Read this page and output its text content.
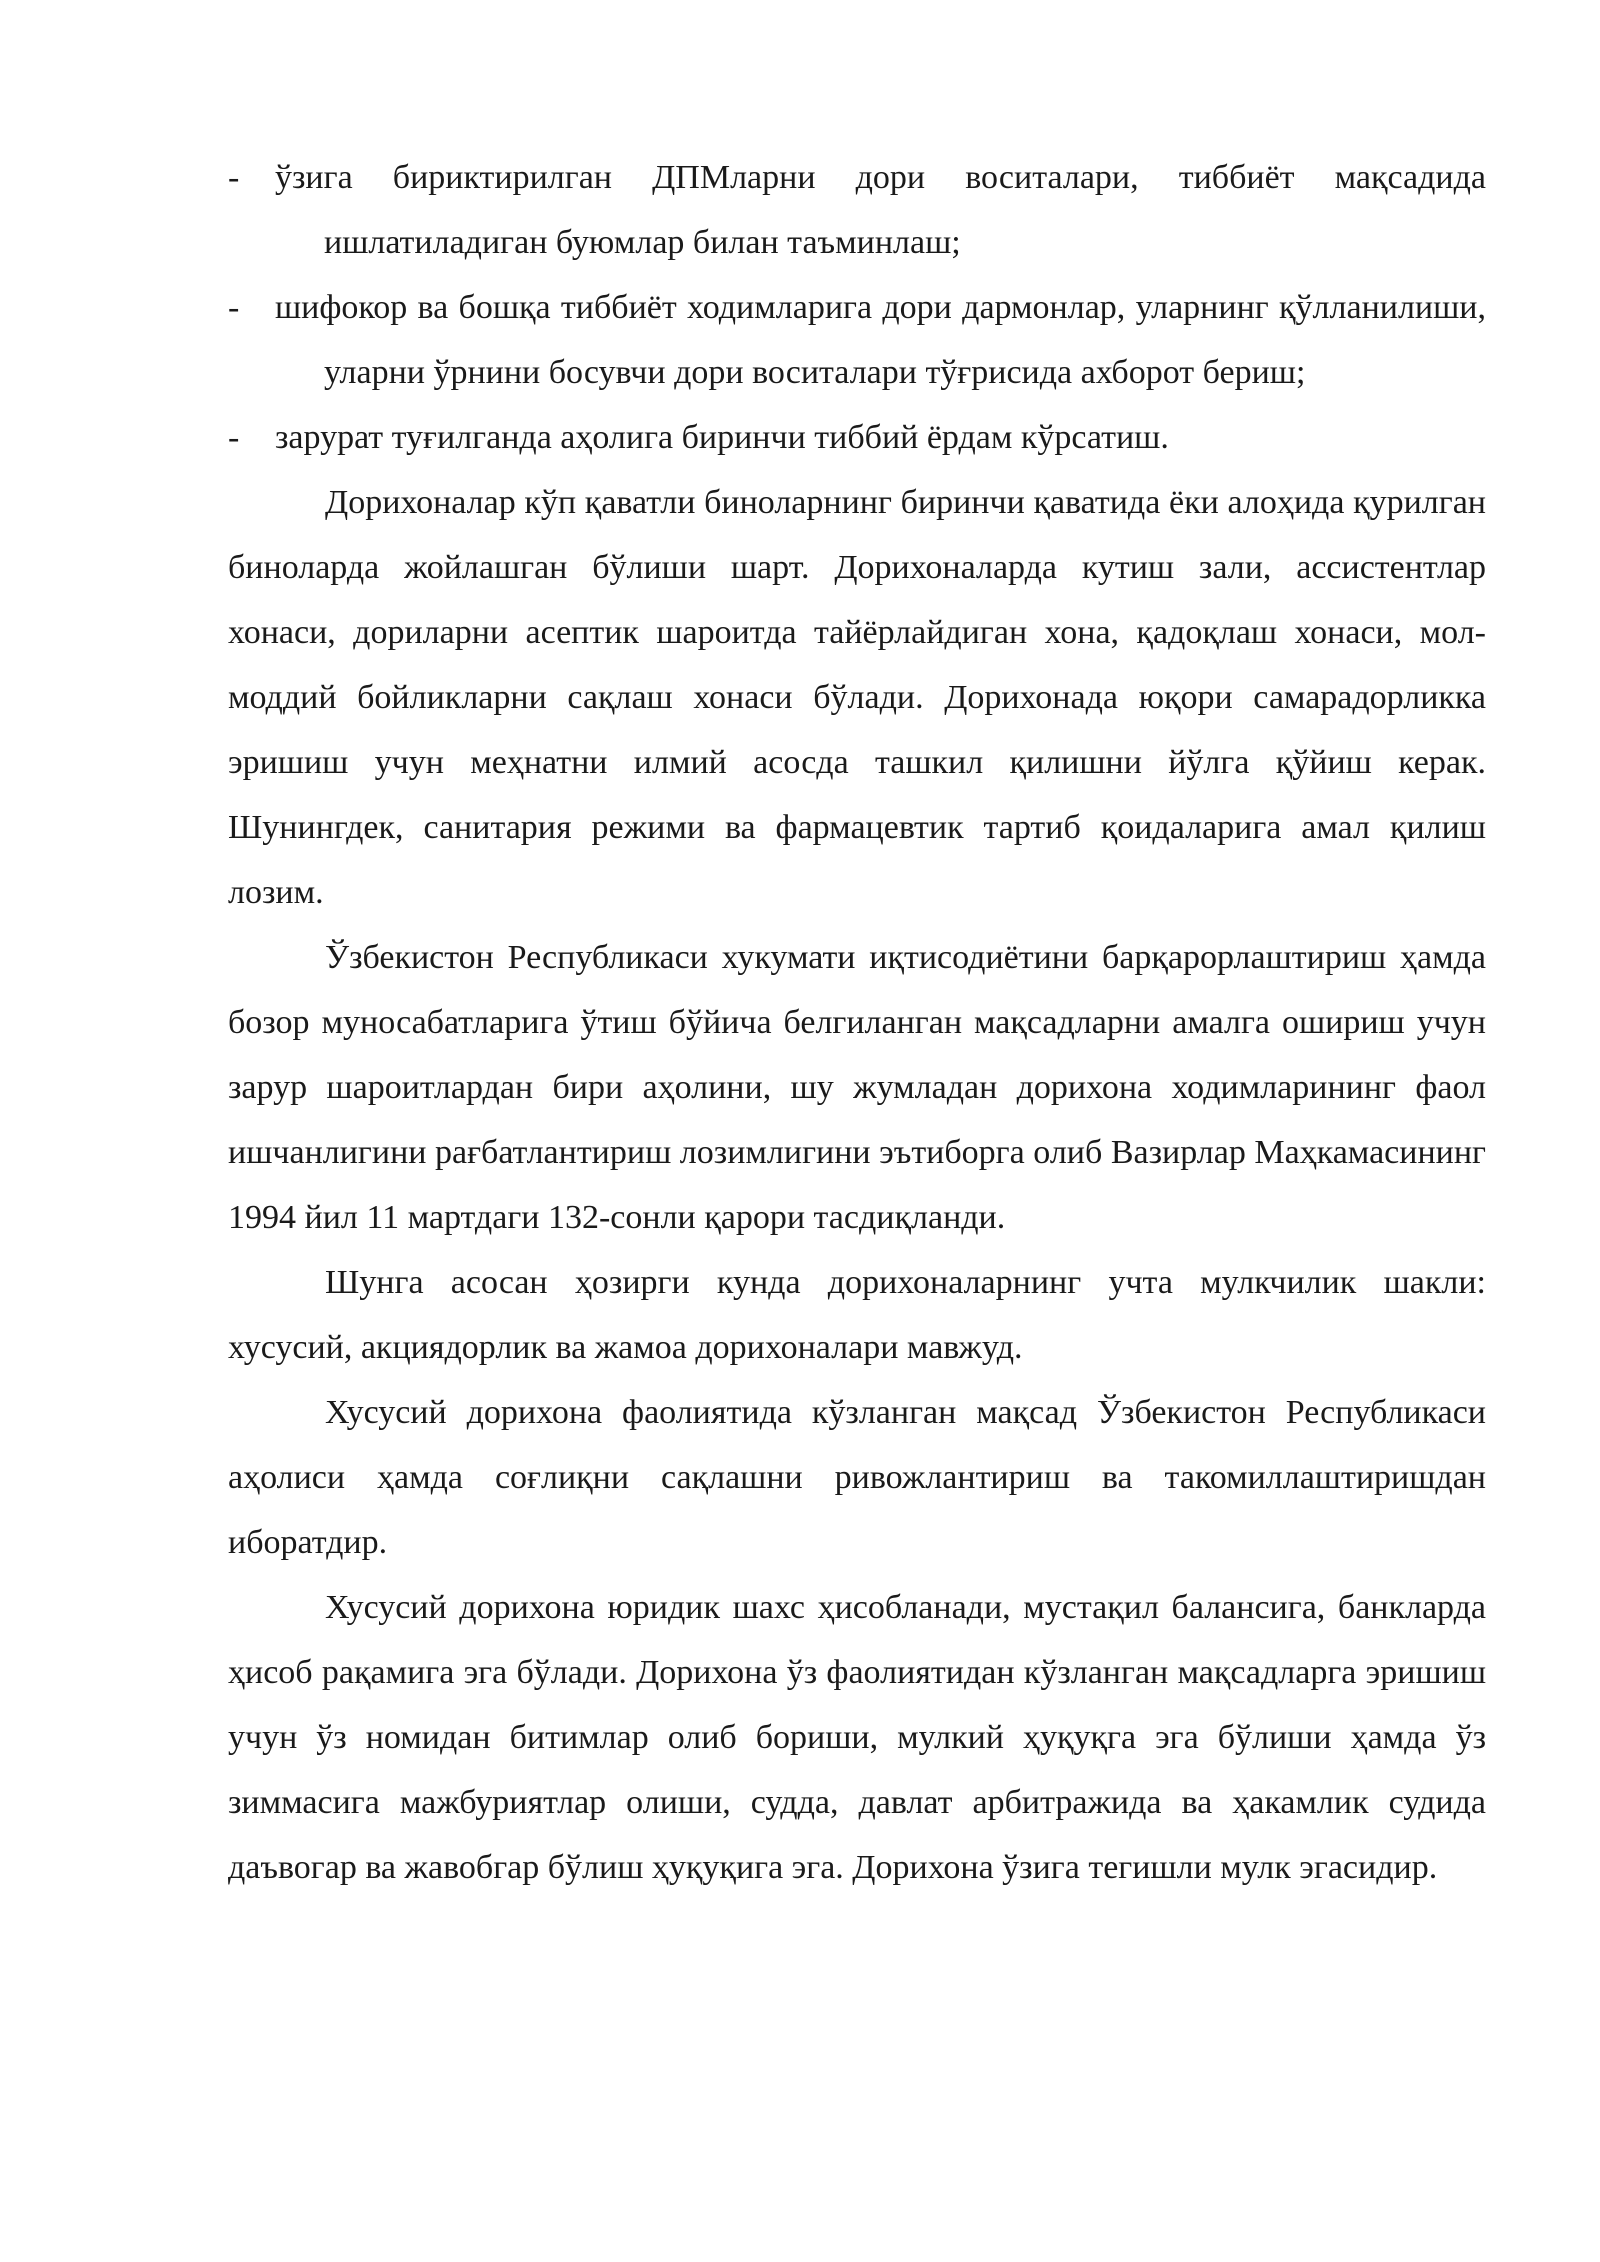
-	ўзига бириктирилган ДПМларни дори воситалари, тиббиёт мақсадида ишлатиладиган буюмлар билан таъминлаш;
-	шифокор ва бошқа тиббиёт ходимларига дори дармонлар, уларнинг қўлланилиши, уларни ўрнини босувчи дори воситалари тўғрисида ахборот бериш;
-	зарурат туғилганда аҳолига биринчи тиббий ёрдам кўрсатиш.

Дорихоналар кўп қаватли биноларнинг биринчи қаватида ёки алоҳида қурилган биноларда жойлашган бўлиши шарт. Дорихоналарда кутиш зали, ассистентлар хонаси, дориларни асептик шароитда тайёрлайдиган хона, қадоқлаш хонаси, мол-моддий бойликларни сақлаш хонаси бўлади. Дорихонада юқори самарадорликка эришиш учун меҳнатни илмий асосда ташкил қилишни йўлга қўйиш керак. Шунингдек, санитария режими ва фармацевтик тартиб қоидаларига амал қилиш лозим.

Ўзбекистон Республикаси хукумати иқтисодиётини барқарорлаштириш ҳамда бозор муносабатларига ўтиш бўйича белгиланган мақсадларни амалга ошириш учун зарур шароитлардан бири аҳолини, шу жумладан дорихона ходимларининг фаол ишчанлигини рағбатлантириш лозимлигини эътиборга олиб Вазирлар Маҳкамасининг 1994 йил 11 мартдаги 132-сонли қарори тасдиқланди.

Шунга асосан ҳозирги кунда дорихоналарнинг учта мулкчилик шакли: хусусий, акциядорлик ва жамоа дорихоналари мавжуд.

Хусусий дорихона фаолиятида кўзланган мақсад Ўзбекистон Республикаси аҳолиси ҳамда соғлиқни сақлашни ривожлантириш ва такомиллаштиришдан иборатдир.

Хусусий дорихона юридик шахс ҳисобланади, мустақил балансига, банкларда ҳисоб рақамига эга бўлади. Дорихона ўз фаолиятидан кўзланган мақсадларга эришиш учун ўз номидан битимлар олиб бориши, мулкий ҳуқуқга эга бўлиши ҳамда ўз зиммасига мажбуриятлар олиши, судда, давлат арбитражида ва ҳакамлик судида даъвогар ва жавобгар бўлиш ҳуқуқига эга. Дорихона ўзига тегишли мулк эгасидир.
